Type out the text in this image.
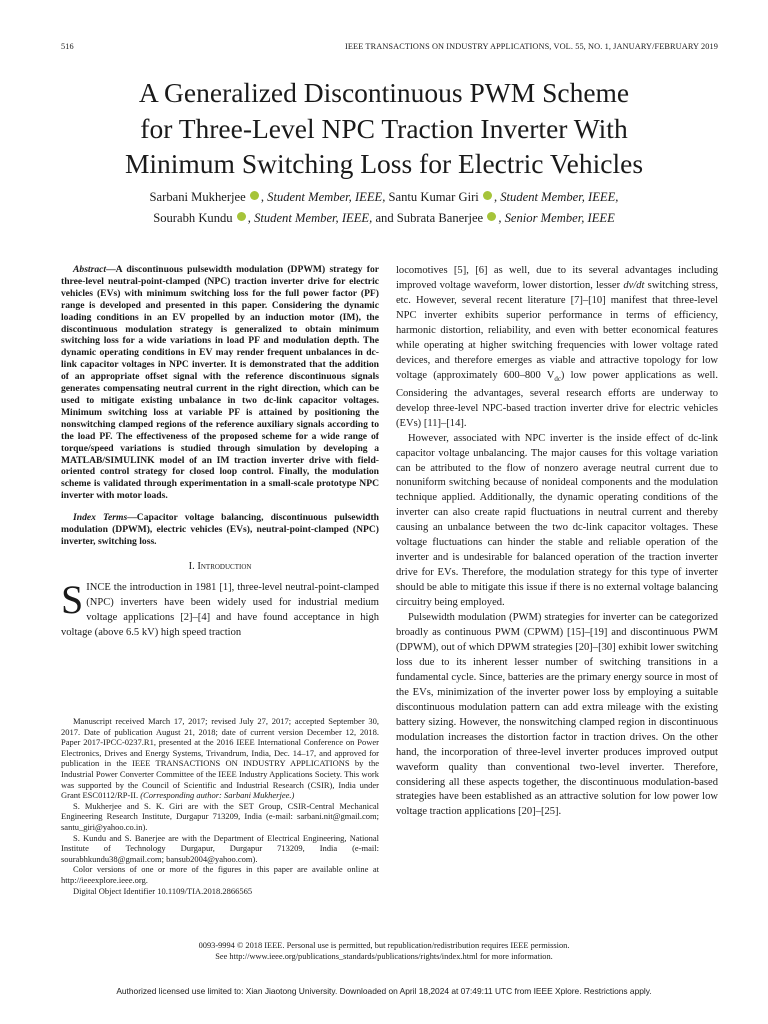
516	IEEE TRANSACTIONS ON INDUSTRY APPLICATIONS, VOL. 55, NO. 1, JANUARY/FEBRUARY 2019
A Generalized Discontinuous PWM Scheme
for Three-Level NPC Traction Inverter With
Minimum Switching Loss for Electric Vehicles
Sarbani Mukherjee , Student Member, IEEE, Santu Kumar Giri , Student Member, IEEE,
Sourabh Kundu , Student Member, IEEE, and Subrata Banerjee , Senior Member, IEEE

Abstract—A discontinuous pulsewidth modulation (DPWM) strategy for three-level neutral-point-clamped (NPC) traction inverter drive for electric vehicles (EVs) with minimum switching loss for the full power factor (PF) range is developed and presented in this paper. Considering the dynamic loading conditions in an EV propelled by an induction motor (IM), the discontinuous modulation strategy is generalized to obtain minimum switching loss for a wide variations in load PF and modulation depth. The dynamic operating conditions in EV may render frequent unbalances in dc-link capacitor voltages in NPC inverter. It is demonstrated that the addition of an appropriate offset signal with the reference discontinuous signals generates compensating neutral current in the right direction, which can be used to mitigate existing unbalance in two dc-link capacitor voltages. Minimum switching loss at variable PF is attained by positioning the nonswitching clamped regions of the reference auxiliary signals according to the load PF. The effectiveness of the proposed scheme for a wide range of torque/speed variations is studied through simulation by developing a MATLAB/SIMULINK model of an IM traction inverter drive with field-oriented control strategy for closed loop control. Finally, the modulation scheme is validated through experimentation in a small-scale prototype NPC inverter with motor loads.

Index Terms—Capacitor voltage balancing, discontinuous pulsewidth modulation (DPWM), electric vehicles (EVs), neutral-point-clamped (NPC) inverter, switching loss.

I. Introduction

SINCE the introduction in 1981 [1], three-level neutral-point-clamped (NPC) inverters have been widely used for industrial medium voltage applications [2]–[4] and have found acceptance in high voltage (above 6.5 kV) high speed traction

Manuscript received March 17, 2017; revised July 27, 2017; accepted September 30, 2017. Date of publication August 21, 2018; date of current version December 12, 2018. Paper 2017-IPCC-0237.R1, presented at the 2016 IEEE International Conference on Power Electronics, Drives and Energy Systems, Trivandrum, India, Dec. 14–17, and approved for publication in the IEEE TRANSACTIONS ON INDUSTRY APPLICATIONS by the Industrial Power Converter Committee of the IEEE Industry Applications Society. This work was supported by the Council of Scientific and Industrial Research (CSIR), India under Grant ESC0112/RP-II. (Corresponding author: Sarbani Mukherjee.)

S. Mukherjee and S. K. Giri are with the SET Group, CSIR-Central Mechanical Engineering Research Institute, Durgapur 713209, India (e-mail: sarbani.nit@gmail.com; santu_giri@yahoo.co.in).

S. Kundu and S. Banerjee are with the Department of Electrical Engineering, National Institute of Technology Durgapur, Durgapur 713209, India (e-mail: sourabhkundu38@gmail.com; bansub2004@yahoo.com).

Color versions of one or more of the figures in this paper are available online at http://ieeexplore.ieee.org.

Digital Object Identifier 10.1109/TIA.2018.2866565

locomotives [5], [6] as well, due to its several advantages including improved voltage waveform, lower distortion, lesser dv/dt switching stress, etc. However, several recent literature [7]–[10] manifest that three-level NPC inverter exhibits superior performance in terms of efficiency, harmonic distortion, reliability, and even with better economical features while operating at higher switching frequencies with lower voltage rated devices, and therefore emerges as viable and attractive topology for low voltage (approximately 600–800 $V_{dc}$) low power applications as well. Considering the advantages, several research efforts are underway to develop three-level NPC-based traction inverter drive for electric vehicles (EVs) [11]–[14].

However, associated with NPC inverter is the inside effect of dc-link capacitor voltage unbalancing. The major causes for this voltage variation can be attributed to the flow of nonzero average neutral current due to nonuniform switching because of nonideal components and the modulation technique applied. Additionally, the dynamic operating conditions of the inverter can also create rapid fluctuations in neutral current and thereby causing an unbalance between the two dc-link capacitor voltages. These voltage fluctuations can hinder the stable and reliable operation of the inverter and is undesirable for balanced operation of the traction inverter drive for EVs. Therefore, the modulation strategy for this type of inverter should be able to mitigate this issue if there is no external voltage balancing circuitry being employed.

Pulsewidth modulation (PWM) strategies for inverter can be categorized broadly as continuous PWM (CPWM) [15]–[19] and discontinuous PWM (DPWM), out of which DPWM strategies [20]–[30] exhibit lower switching loss due to its inherent lesser number of switching transitions in a fundamental cycle. Since, batteries are the primary energy source in most of the EVs, minimization of the inverter power loss by employing a suitable discontinuous modulation pattern can add extra mileage with the existing battery sizing. However, the nonswitching clamped region in discontinuous modulation increases the distortion factor in traction drives. On the other hand, the incorporation of three-level inverter produces improved output waveform quality than conventional two-level inverter. Therefore, considering all these aspects together, the discontinuous modulation-based strategies have been established as an attractive solution for low power low voltage traction applications [20]–[25].

0093-9994 © 2018 IEEE. Personal use is permitted, but republication/redistribution requires IEEE permission.
See http://www.ieee.org/publications_standards/publications/rights/index.html for more information.
Authorized licensed use limited to: Xian Jiaotong University. Downloaded on April 18,2024 at 07:49:11 UTC from IEEE Xplore. Restrictions apply.
